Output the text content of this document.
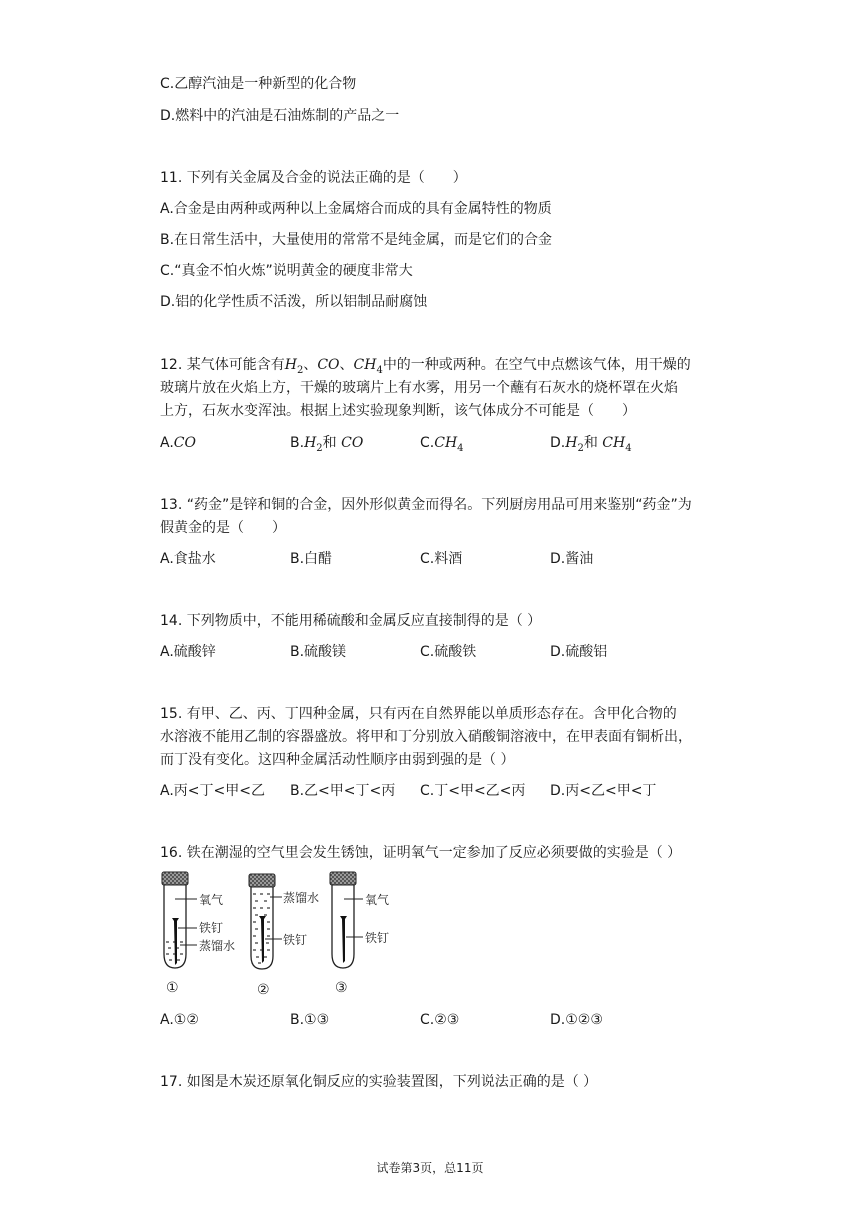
C.乙醇汽油是一种新型的化合物
D.燃料中的汽油是石油炼制的产品之一
11. 下列有关金属及合金的说法正确的是（　　）
A.合金是由两种或两种以上金属熔合而成的具有金属特性的物质
B.在日常生活中，大量使用的常常不是纯金属，而是它们的合金
C.“真金不怕火炼”说明黄金的硬度非常大
D.铝的化学性质不活泼，所以铝制品耐腐蚀
12. 某气体可能含有$H_2$、CO、$CH_4$中的一种或两种。在空气中点燃该气体，用干燥的
玻璃片放在火焰上方，干燥的玻璃片上有水雾，用另一个蘸有石灰水的烧杯罩在火焰
上方，石灰水变浑浊。根据上述实验现象判断，该气体成分不可能是（　　）
A.CO	$B.H_2$和 CO	$C.CH_4$	$D.H_2$和 $CH_4$
13. “药金”是锌和铜的合金，因外形似黄金而得名。下列厨房用品可用来鉴别“药金”为
假黄金的是（　　）
A.食盐水	B.白醋	C.料酒	D.酱油
14. 下列物质中，不能用稀硫酸和金属反应直接制得的是（ ）
A.硫酸锌	B.硫酸镁	C.硫酸铁	D.硫酸铝
15. 有甲、乙、丙、丁四种金属，只有丙在自然界能以单质形态存在。含甲化合物的
水溶液不能用乙制的容器盛放。将甲和丁分别放入硝酸铜溶液中，在甲表面有铜析出，
而丁没有变化。这四种金属活动性顺序由弱到强的是（ ）
A.丙<丁<甲<乙 B.乙<甲<丁<丙 C.丁<甲<乙<丙 D.丙<乙<甲<丁
16. 铁在潮湿的空气里会发生锈蚀，证明氧气一定参加了反应必须要做的实验是（ ）
氧气
铁钉
蒸馏水
①
蒸馏水
铁钉
②
氧气
铁钉
③
A.①②	B.①③	C.②③	D.①②③
17. 如图是木炭还原氧化铜反应的实验装置图，下列说法正确的是（ ）
试卷第3页，总11页
